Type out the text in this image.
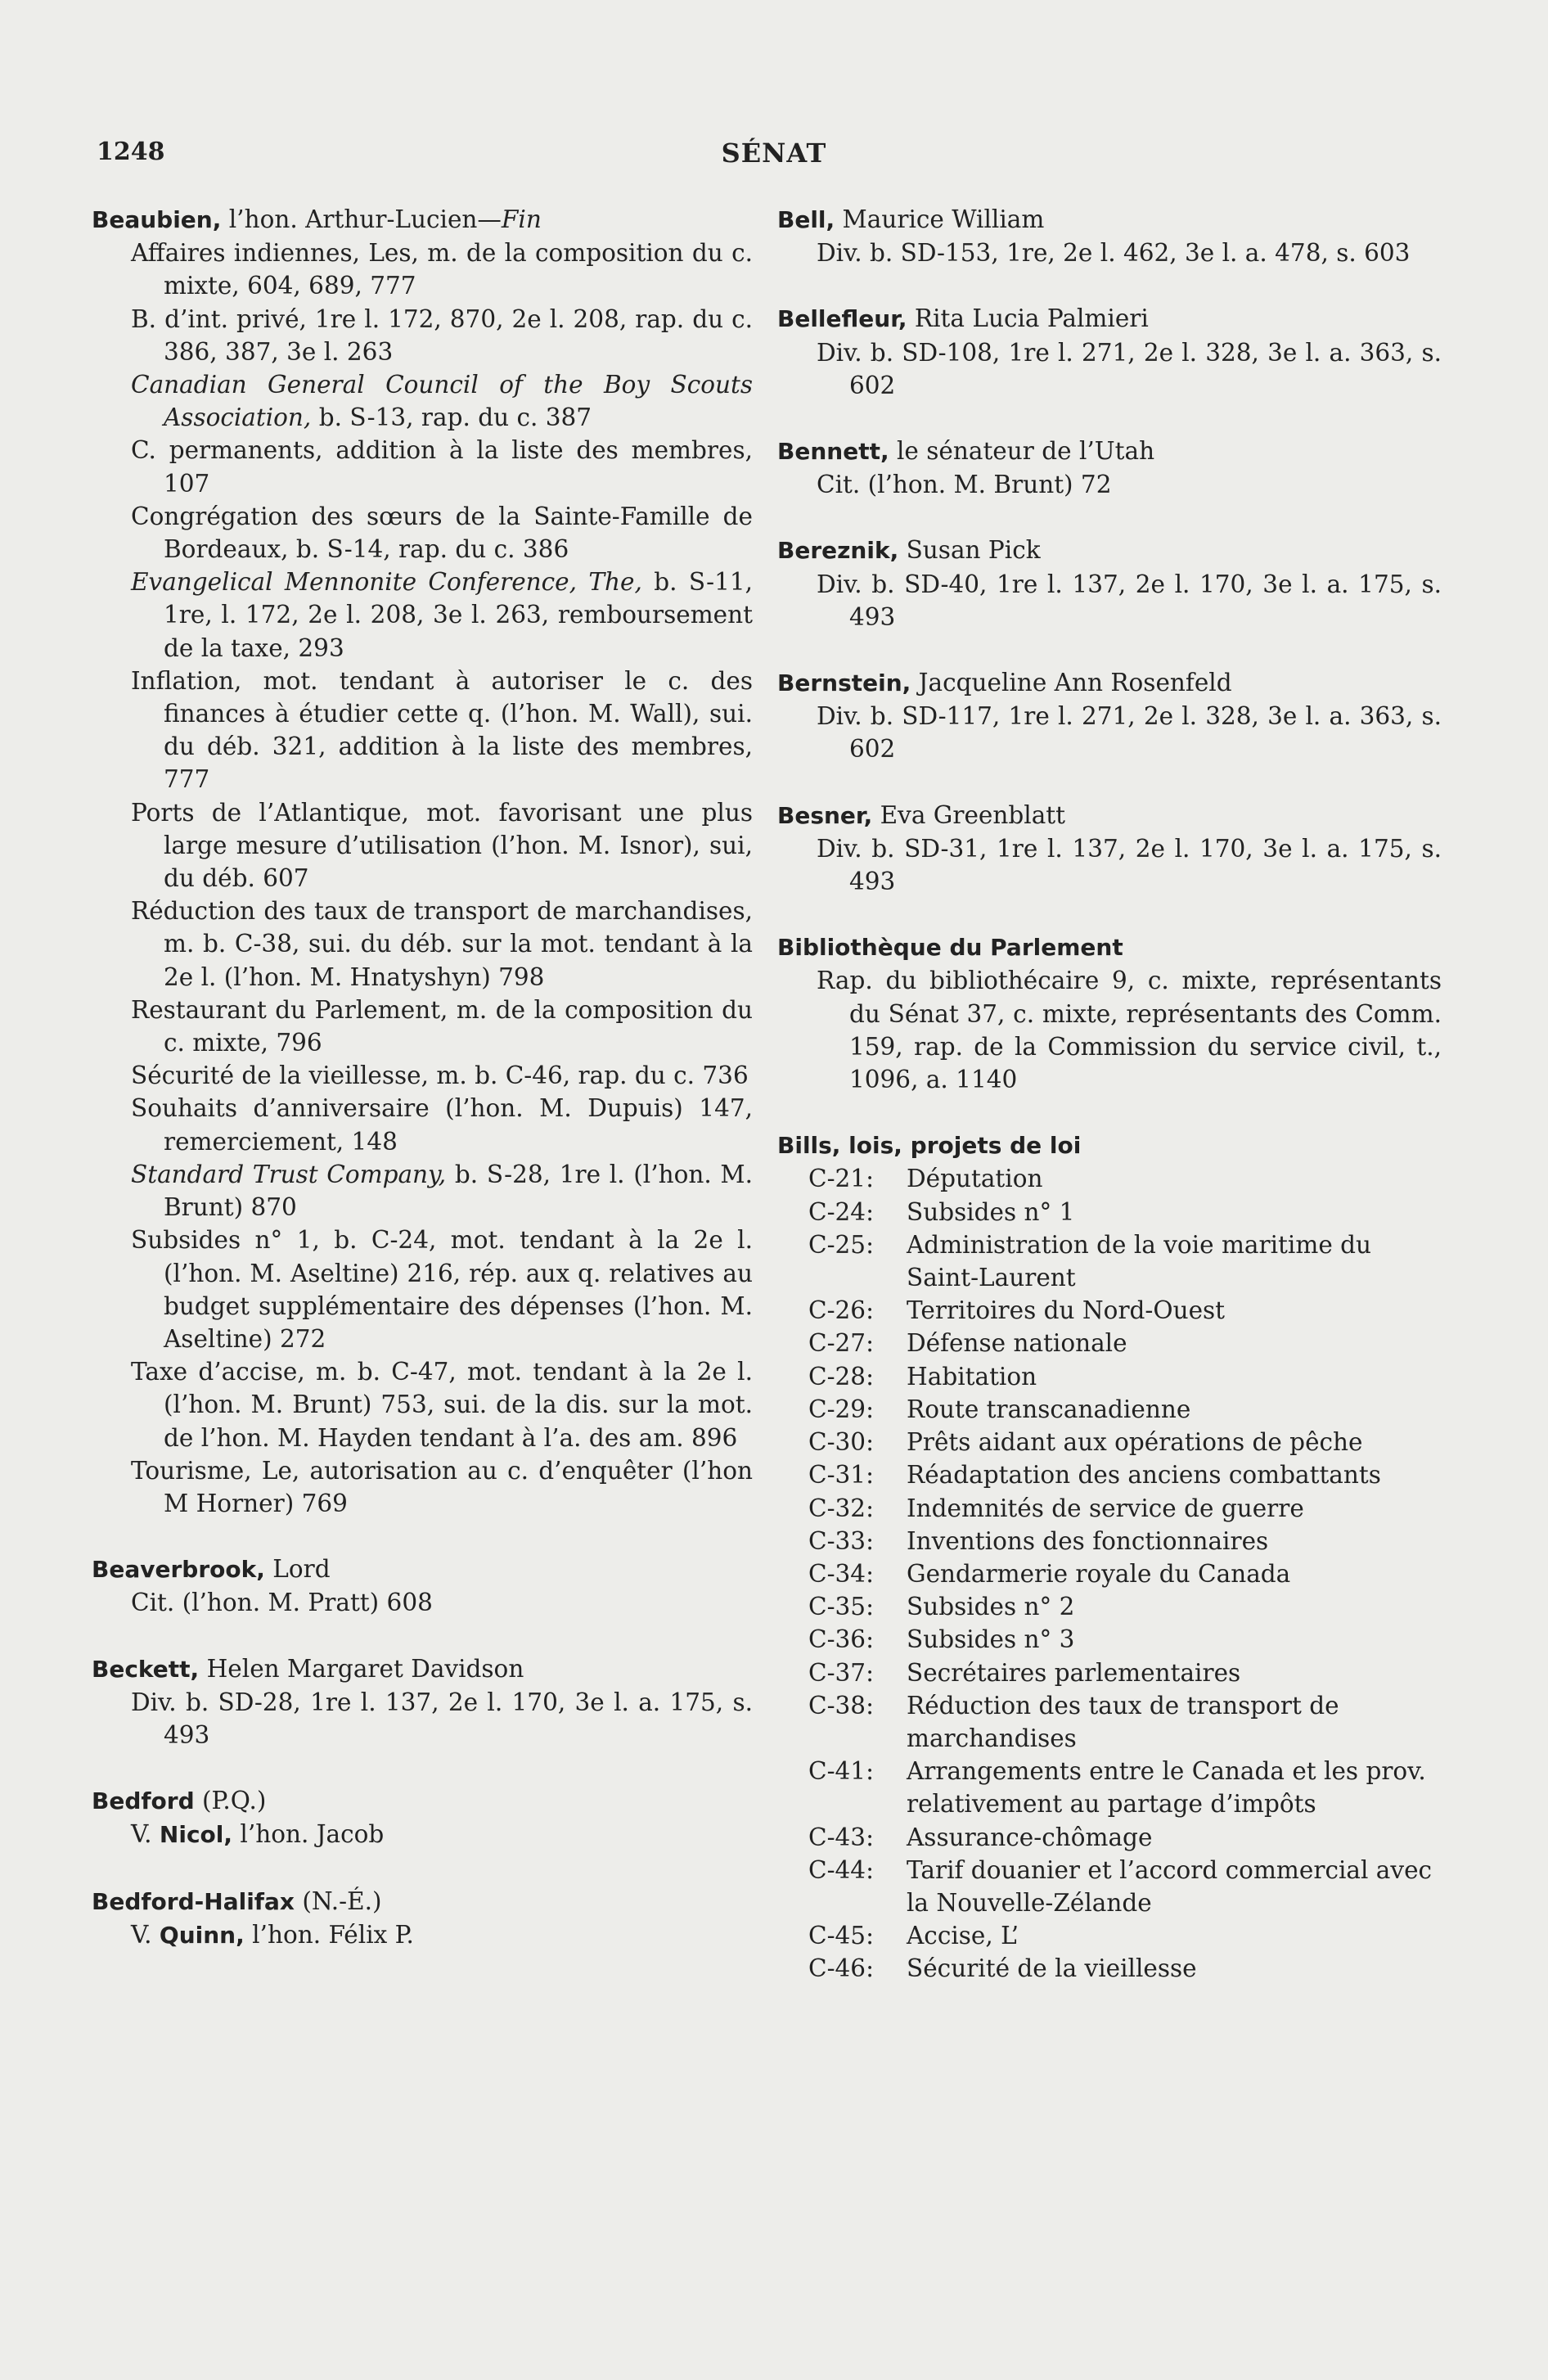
1248	SÉNAT

Beaubien, l’hon. Arthur-Lucien—Fin

Affaires indiennes, Les, m. de la composition du c. mixte, 604, 689, 777

B. d’int. privé, 1re l. 172, 870, 2e l. 208, rap. du c. 386, 387, 3e l. 263

Canadian General Council of the Boy Scouts Association, b. S-13, rap. du c. 387

C. permanents, addition à la liste des membres, 107

Congrégation des sœurs de la Sainte-Famille de Bordeaux, b. S-14, rap. du c. 386

Evangelical Mennonite Conference, The, b. S-11, 1re, l. 172, 2e l. 208, 3e l. 263, remboursement de la taxe, 293

Inflation, mot. tendant à autoriser le c. des finances à étudier cette q. (l’hon. M. Wall), sui. du déb. 321, addition à la liste des membres, 777

Ports de l’Atlantique, mot. favorisant une plus large mesure d’utilisation (l’hon. M. Isnor), sui, du déb. 607

Réduction des taux de transport de marchandises, m. b. C-38, sui. du déb. sur la mot. tendant à la 2e l. (l’hon. M. Hnatyshyn) 798

Restaurant du Parlement, m. de la composition du c. mixte, 796

Sécurité de la vieillesse, m. b. C-46, rap. du c. 736

Souhaits d’anniversaire (l’hon. M. Dupuis) 147, remerciement, 148

Standard Trust Company, b. S-28, 1re l. (l’hon. M. Brunt) 870

Subsides n° 1, b. C-24, mot. tendant à la 2e l. (l’hon. M. Aseltine) 216, rép. aux q. relatives au budget supplémentaire des dépenses (l’hon. M. Aseltine) 272

Taxe d’accise, m. b. C-47, mot. tendant à la 2e l. (l’hon. M. Brunt) 753, sui. de la dis. sur la mot. de l’hon. M. Hayden tendant à l’a. des am. 896

Tourisme, Le, autorisation au c. d’enquêter (l’hon M Horner) 769

Beaverbrook, Lord

Cit. (l’hon. M. Pratt) 608

Beckett, Helen Margaret Davidson

Div. b. SD-28, 1re l. 137, 2e l. 170, 3e l. a. 175, s. 493

Bedford (P.Q.)

V. Nicol, l’hon. Jacob

Bedford-Halifax (N.-É.)

V. Quinn, l’hon. Félix P.

Bell, Maurice William

Div. b. SD-153, 1re, 2e l. 462, 3e l. a. 478, s. 603

Bellefleur, Rita Lucia Palmieri

Div. b. SD-108, 1re l. 271, 2e l. 328, 3e l. a. 363, s. 602

Bennett, le sénateur de l’Utah

Cit. (l’hon. M. Brunt) 72

Bereznik, Susan Pick

Div. b. SD-40, 1re l. 137, 2e l. 170, 3e l. a. 175, s. 493

Bernstein, Jacqueline Ann Rosenfeld

Div. b. SD-117, 1re l. 271, 2e l. 328, 3e l. a. 363, s. 602

Besner, Eva Greenblatt

Div. b. SD-31, 1re l. 137, 2e l. 170, 3e l. a. 175, s. 493

Bibliothèque du Parlement

Rap. du bibliothécaire 9, c. mixte, représentants du Sénat 37, c. mixte, représentants des Comm. 159, rap. de la Commission du service civil, t., 1096, a. 1140

Bills, lois, projets de loi

C-21:	Députation
C-24:	Subsides n° 1
C-25:	Administration de la voie maritime du Saint-Laurent
C-26:	Territoires du Nord-Ouest
C-27:	Défense nationale
C-28:	Habitation
C-29:	Route transcanadienne
C-30:	Prêts aidant aux opérations de pêche
C-31:	Réadaptation des anciens combattants
C-32:	Indemnités de service de guerre
C-33:	Inventions des fonctionnaires
C-34:	Gendarmerie royale du Canada
C-35:	Subsides n° 2
C-36:	Subsides n° 3
C-37:	Secrétaires parlementaires
C-38:	Réduction des taux de transport de marchandises
C-41:	Arrangements entre le Canada et les prov. relativement au partage d’impôts
C-43:	Assurance-chômage
C-44:	Tarif douanier et l’accord commercial avec la Nouvelle-Zélande
C-45:	Accise, L’
C-46:	Sécurité de la vieillesse
